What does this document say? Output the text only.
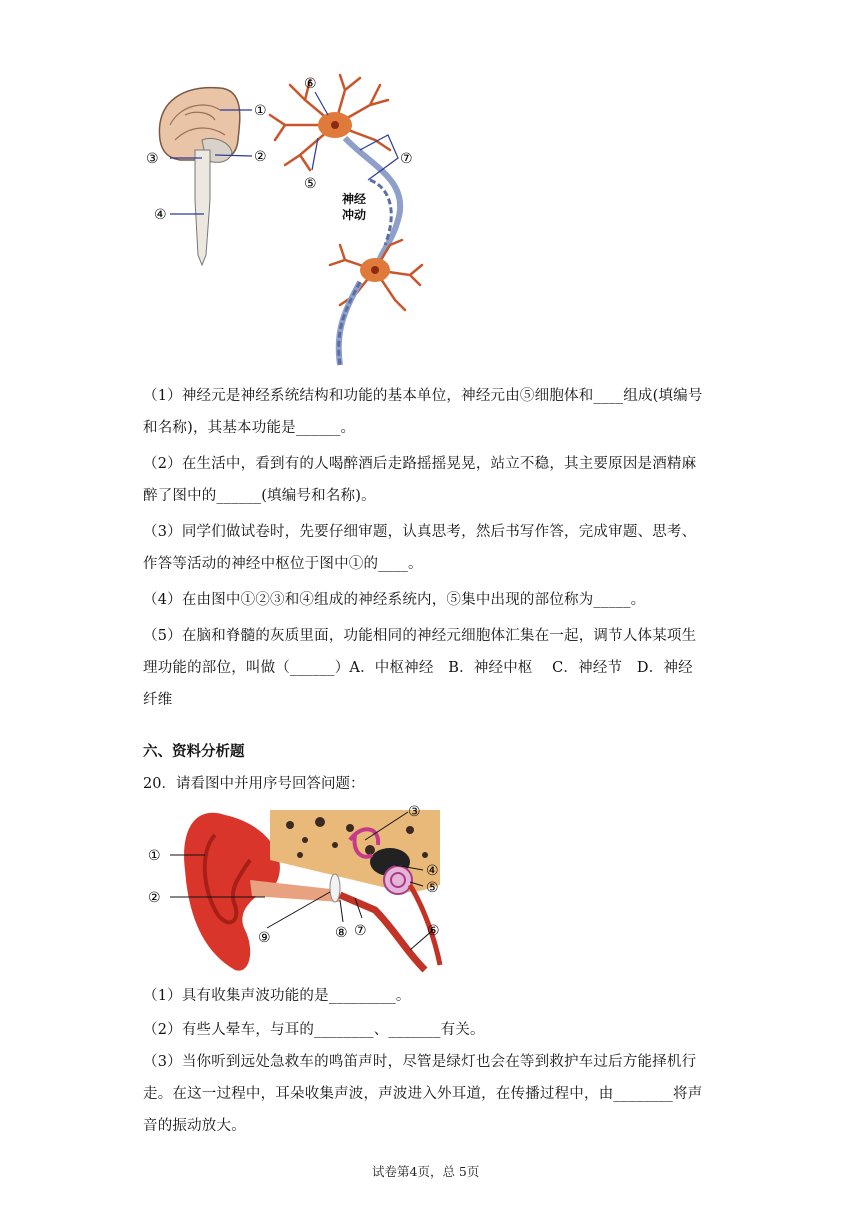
①
②
③
④
⑥
⑤
⑦
神经
冲动
（1）神经元是神经系统结构和功能的基本单位，神经元由⑤细胞体和____组成(填编号
和名称)，其基本功能是______。
（2）在生活中，看到有的人喝醉酒后走路摇摇晃晃，站立不稳，其主要原因是酒精麻
醉了图中的______(填编号和名称)。
（3）同学们做试卷时，先要仔细审题，认真思考，然后书写作答，完成审题、思考、
作答等活动的神经中枢位于图中①的____。
（4）在由图中①②③和④组成的神经系统内，⑤集中出现的部位称为_____。
（5）在脑和脊髓的灰质里面，功能相同的神经元细胞体汇集在一起，调节人体某项生
理功能的部位，叫做（______）A．中枢神经　B．神经中枢　 C．神经节　D．神经
纤维
六、资料分析题
20．请看图中并用序号回答问题：
①
②
③
④
⑤
⑥
⑦
⑧
⑨
（1）具有收集声波功能的是_________。
（2）有些人晕车，与耳的________、_______有关。
（3）当你听到远处急救车的鸣笛声时，尽管是绿灯也会在等到救护车过后方能择机行
走。在这一过程中，耳朵收集声波，声波进入外耳道，在传播过程中，由________将声
音的振动放大。
试卷第4页，总 5页
